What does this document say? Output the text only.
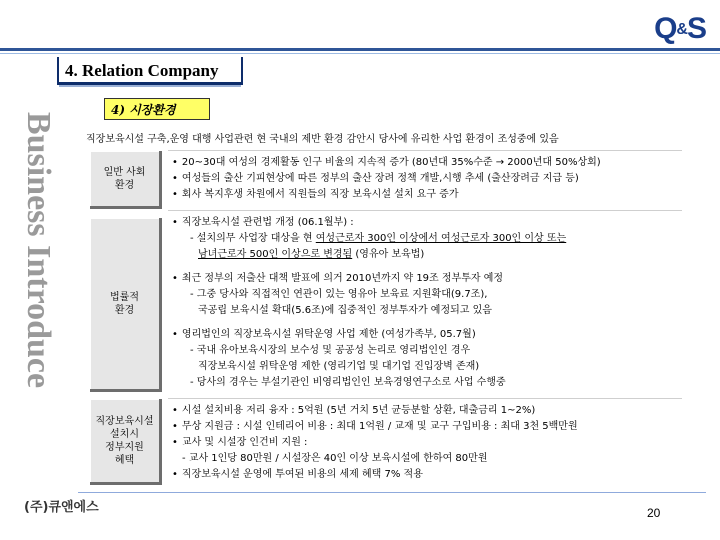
Q&S
4. Relation Company
Business Introduce
4) 시장환경
직장보육시설 구축,운영 대행 사업관련 현 국내의 제반 환경 감안시 당사에 유리한 사업 환경이 조성중에 있음
일반 사회
환경
• 20~30대 여성의 경제활동 인구 비율의 지속적 증가 (80년대 35%수준 → 2000년대 50%상회)
• 여성들의 출산 기피현상에 따른 정부의 출산 장려 정책 개발,시행 추세 (출산장려금 지급 등)
• 회사 복지후생 차원에서 직원들의 직장 보육시설 설치 요구 증가
법률적
환경
• 직장보육시설 관련법 개정 (06.1월부) :
- 설치의무 사업장 대상을 현 여성근로자 300인 이상에서 여성근로자 300인 이상 또는
남녀근로자 500인 이상으로 변경됨 (영유아 보육법)
• 최근 정부의 저출산 대책 발표에 의거 2010년까지 약 19조 정부투자 예정
- 그중 당사와 직접적인 연관이 있는 영유아 보육료 지원확대(9.7조),
국공립 보육시설 확대(5.6조)에 집중적인 정부투자가 예정되고 있음
• 영리법인의 직장보육시설 위탁운영 사업 제한 (여성가족부, 05.7월)
- 국내 유아보육시장의 보수성 및 공공성 논리로 영리법인인 경우
직장보육시설 위탁운영 제한 (영리기업 및 대기업 진입장벽 존재)
- 당사의 경우는 부설기관인 비영리법인인 보육경영연구소로 사업 수행중
직장보육시설
설치시
정부지원
혜택
• 시설 설치비용 저리 융자 : 5억원 (5년 거치 5년 균등분할 상환, 대출금리 1~2%)
• 무상 지원금 : 시설 인테리어 비용 : 최대 1억원 / 교재 및 교구 구입비용 : 최대 3천 5백만원
• 교사 및 시설장 인건비 지원 :
- 교사 1인당 80만원 / 시설장은 40인 이상 보육시설에 한하여 80만원
• 직장보육시설 운영에 투여된 비용의 세제 혜택 7% 적용
(주)큐앤에스	20
